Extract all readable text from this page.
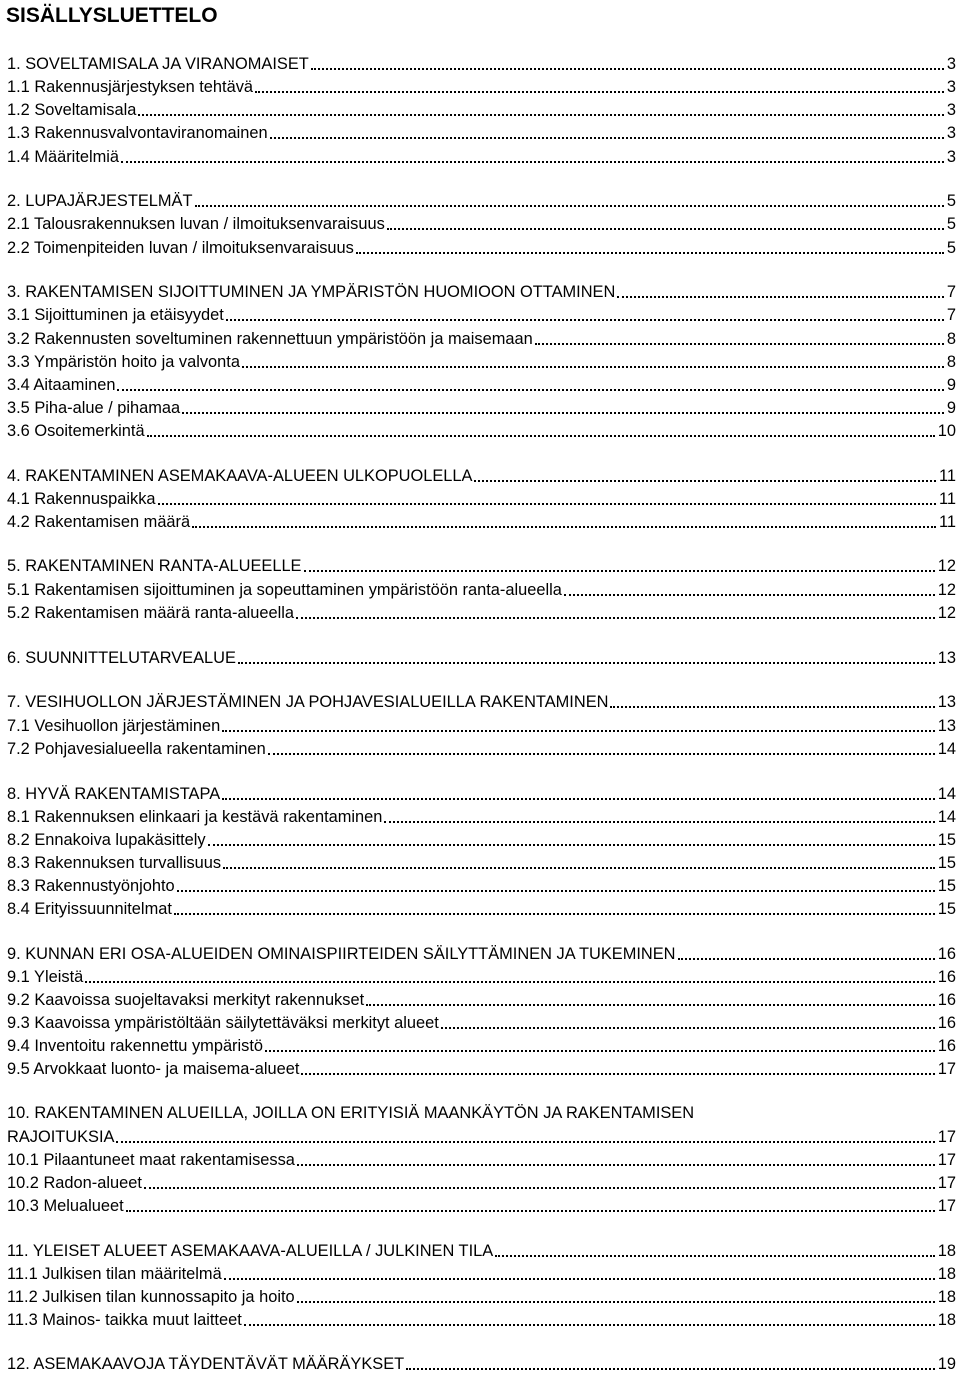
SISÄLLYSLUETTELO
1. SOVELTAMISALA JA VIRANOMAISET	3
1.1 Rakennusjärjestyksen tehtävä	3
1.2 Soveltamisala	3
1.3 Rakennusvalvontaviranomainen	3
1.4 Määritelmiä	3
2. LUPAJÄRJESTELMÄT	5
2.1 Talousrakennuksen luvan / ilmoituksenvaraisuus	5
2.2 Toimenpiteiden luvan / ilmoituksenvaraisuus	5
3. RAKENTAMISEN SIJOITTUMINEN JA YMPÄRISTÖN HUOMIOON OTTAMINEN	7
3.1 Sijoittuminen ja etäisyydet	7
3.2 Rakennusten soveltuminen rakennettuun ympäristöön ja maisemaan	8
3.3 Ympäristön hoito ja valvonta	8
3.4 Aitaaminen	9
3.5 Piha-alue / pihamaa	9
3.6 Osoitemerkintä	10
4. RAKENTAMINEN ASEMAKAAVA-ALUEEN ULKOPUOLELLA	11
4.1 Rakennuspaikka	11
4.2 Rakentamisen määrä	11
5. RAKENTAMINEN RANTA-ALUEELLE	12
5.1 Rakentamisen sijoittuminen ja sopeuttaminen ympäristöön ranta-alueella	12
5.2 Rakentamisen määrä ranta-alueella	12
6. SUUNNITTELUTARVEALUE	13
7. VESIHUOLLON JÄRJESTÄMINEN JA POHJAVESIALUEILLA RAKENTAMINEN	13
7.1 Vesihuollon järjestäminen	13
7.2 Pohjavesialueella rakentaminen	14
8. HYVÄ RAKENTAMISTAPA	14
8.1 Rakennuksen elinkaari ja kestävä rakentaminen	14
8.2 Ennakoiva lupakäsittely	15
8.3 Rakennuksen turvallisuus	15
8.3 Rakennustyönjohto	15
8.4 Erityissuunnitelmat	15
9. KUNNAN ERI OSA-ALUEIDEN OMINAISPIIRTEIDEN SÄILYTTÄMINEN JA TUKEMINEN	16
9.1 Yleistä	16
9.2 Kaavoissa suojeltavaksi merkityt rakennukset	16
9.3 Kaavoissa ympäristöltään säilytettäväksi merkityt alueet	16
9.4 Inventoitu rakennettu ympäristö	16
9.5 Arvokkaat luonto- ja maisema-alueet	17
10. RAKENTAMINEN ALUEILLA, JOILLA ON ERITYISIÄ MAANKÄYTÖN JA RAKENTAMISEN
RAJOITUKSIA	17
10.1 Pilaantuneet maat rakentamisessa	17
10.2 Radon-alueet	17
10.3 Melualueet	17
11. YLEISET ALUEET ASEMAKAAVA-ALUEILLA / JULKINEN TILA	18
11.1 Julkisen tilan määritelmä	18
11.2 Julkisen tilan kunnossapito ja hoito	18
11.3 Mainos- taikka muut laitteet	18
12. ASEMAKAAVOJA TÄYDENTÄVÄT MÄÄRÄYKSET	19
